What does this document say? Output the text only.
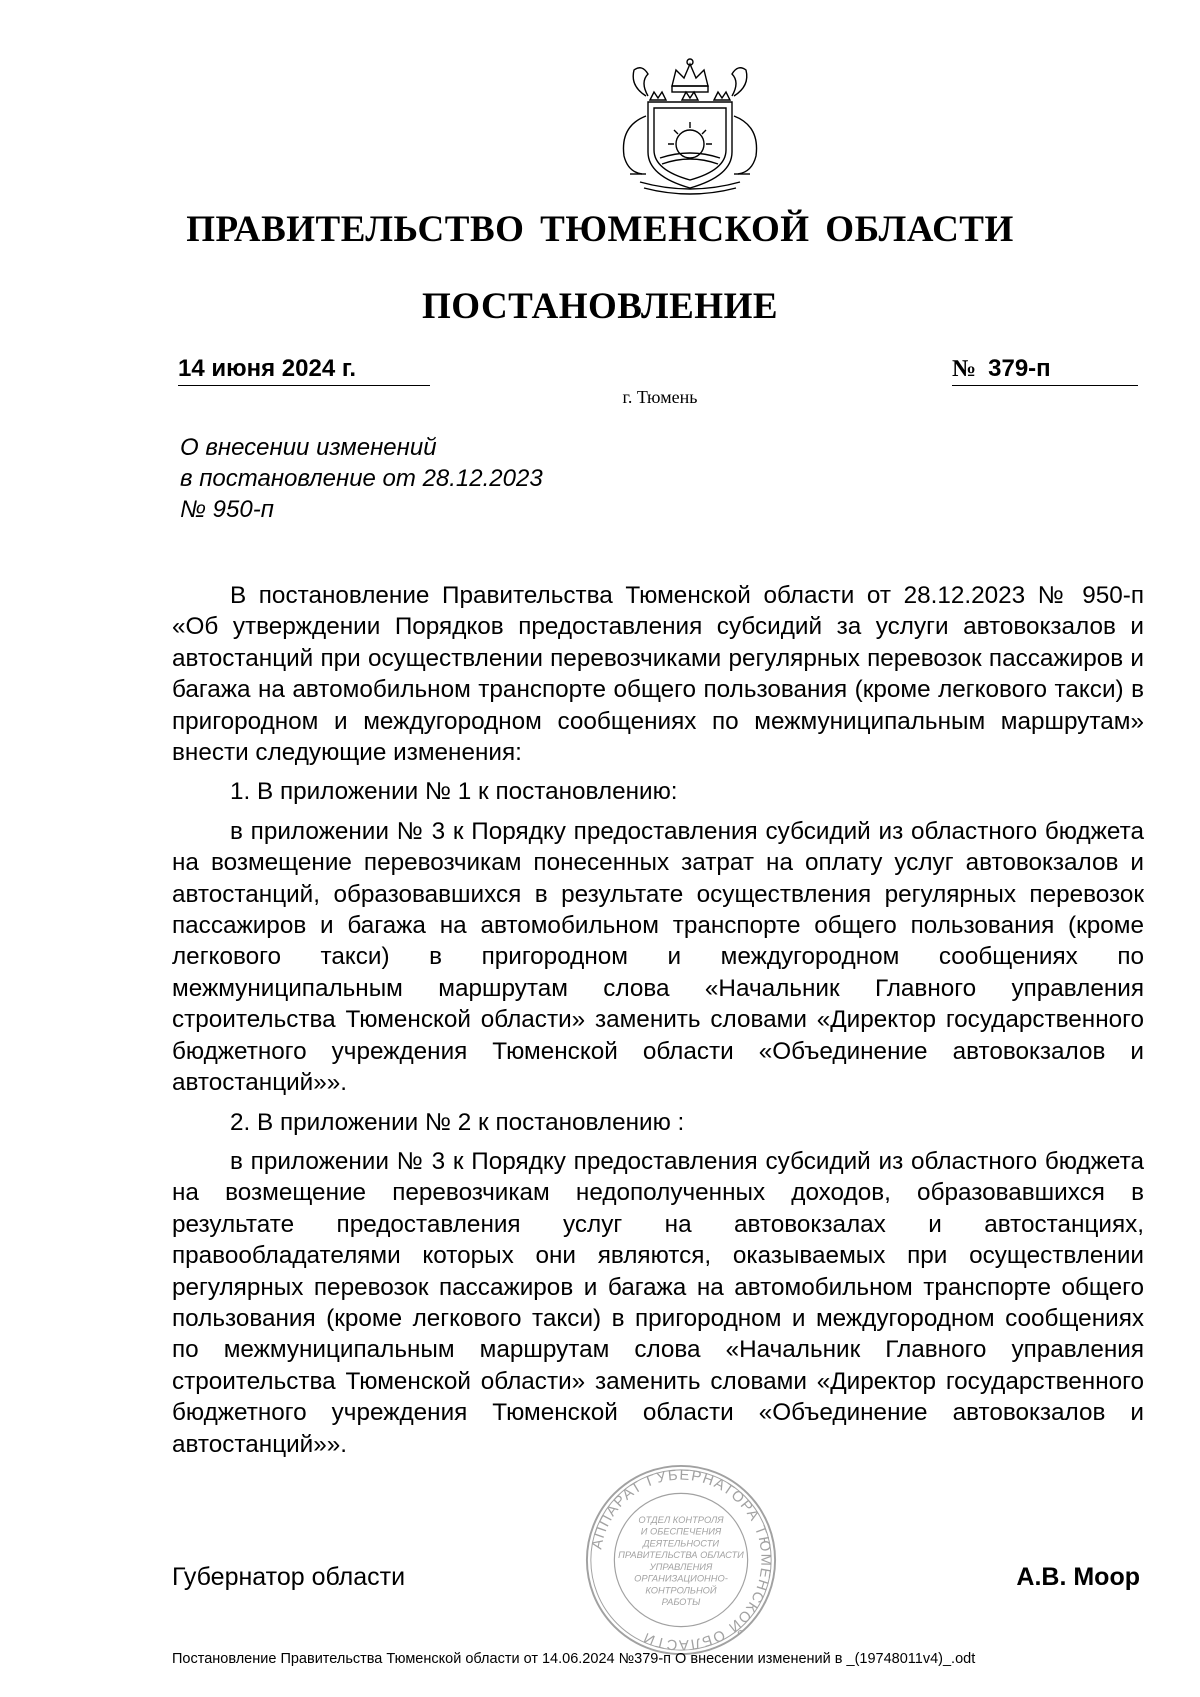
ПРАВИТЕЛЬСТВО ТЮМЕНСКОЙ ОБЛАСТИ
ПОСТАНОВЛЕНИЕ
14 июня 2024 г.	№ 379-п
г. Тюмень
О внесении изменений
в постановление от 28.12.2023
№ 950-п

В постановление Правительства Тюменской области от 28.12.2023 № 950-п «Об утверждении Порядков предоставления субсидий за услуги автовокзалов и автостанций при осуществлении перевозчиками регулярных перевозок пассажиров и багажа на автомобильном транспорте общего пользования (кроме легкового такси) в пригородном и междугородном сообщениях по межмуниципальным маршрутам» внести следующие изменения:

1. В приложении № 1 к постановлению:

в приложении № 3 к Порядку предоставления субсидий из областного бюджета на возмещение перевозчикам понесенных затрат на оплату услуг автовокзалов и автостанций, образовавшихся в результате осуществления регулярных перевозок пассажиров и багажа на автомобильном транспорте общего пользования (кроме легкового такси) в пригородном и междугородном сообщениях по межмуниципальным маршрутам слова «Начальник Главного управления строительства Тюменской области» заменить словами «Директор государственного бюджетного учреждения Тюменской области «Объединение автовокзалов и автостанций»».

2. В приложении № 2 к постановлению :

в приложении № 3 к Порядку предоставления субсидий из областного бюджета на возмещение перевозчикам недополученных доходов, образовавшихся в результате предоставления услуг на автовокзалах и автостанциях, правообладателями которых они являются, оказываемых при осуществлении регулярных перевозок пассажиров и багажа на автомобильном транспорте общего пользования (кроме легкового такси) в пригородном и междугородном сообщениях по межмуниципальным маршрутам слова «Начальник Главного управления строительства Тюменской области» заменить словами «Директор государственного бюджетного учреждения Тюменской области «Объединение автовокзалов и автостанций»».

АППАРАТ ГУБЕРНАТОРА ТЮМЕНСКОЙ ОБЛАСТИ
ОТДЕЛ КОНТРОЛЯ
И ОБЕСПЕЧЕНИЯ
ДЕЯТЕЛЬНОСТИ
ПРАВИТЕЛЬСТВА ОБЛАСТИ
УПРАВЛЕНИЯ
ОРГАНИЗАЦИОННО-
КОНТРОЛЬНОЙ
РАБОТЫ
Губернатор области	А.В. Моор
Постановление Правительства Тюменской области от 14.06.2024 №379-п О внесении изменений в _(19748011v4)_.odt
